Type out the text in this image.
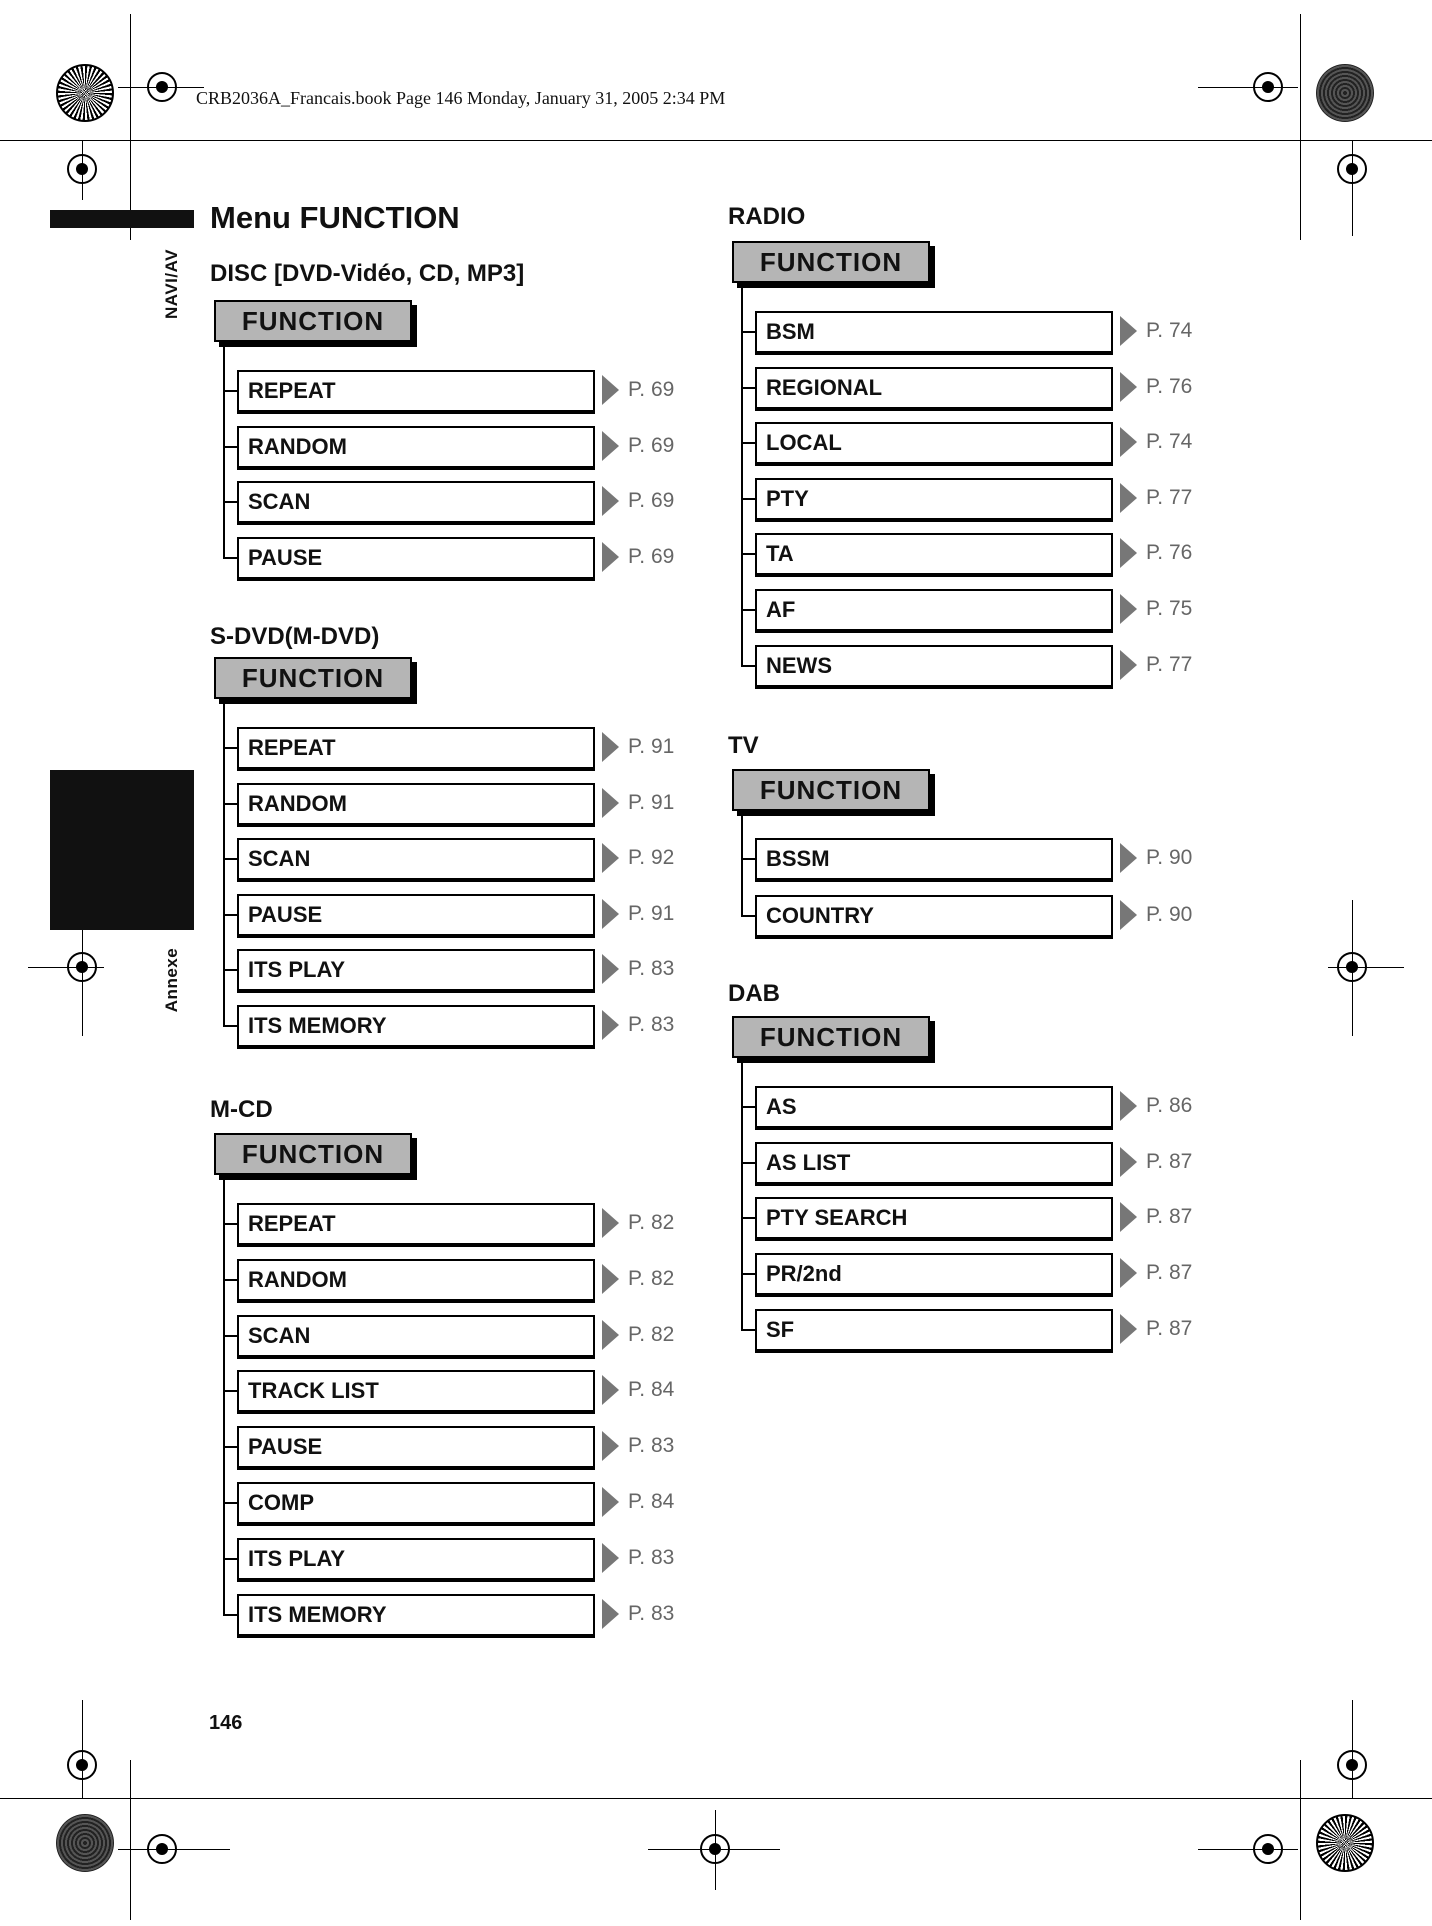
CRB2036A_Francais.book Page 146 Monday, January 31, 2005 2:34 PM
NAVI/AV
Annexe
Menu FUNCTION
DISC [DVD-Vidéo, CD, MP3]
FUNCTION
REPEAT	P. 69
RANDOM	P. 69
SCAN	P. 69
PAUSE	P. 69
S-DVD(M-DVD)
FUNCTION
REPEAT	P. 91
RANDOM	P. 91
SCAN	P. 92
PAUSE	P. 91
ITS PLAY	P. 83
ITS MEMORY	P. 83
M-CD
FUNCTION
REPEAT	P. 82
RANDOM	P. 82
SCAN	P. 82
TRACK LIST	P. 84
PAUSE	P. 83
COMP	P. 84
ITS PLAY	P. 83
ITS MEMORY	P. 83
RADIO
FUNCTION
BSM	P. 74
REGIONAL	P. 76
LOCAL	P. 74
PTY	P. 77
TA	P. 76
AF	P. 75
NEWS	P. 77
TV
FUNCTION
BSSM	P. 90
COUNTRY	P. 90
DAB
FUNCTION
AS	P. 86
AS LIST	P. 87
PTY SEARCH	P. 87
PR/2nd	P. 87
SF	P. 87
146
